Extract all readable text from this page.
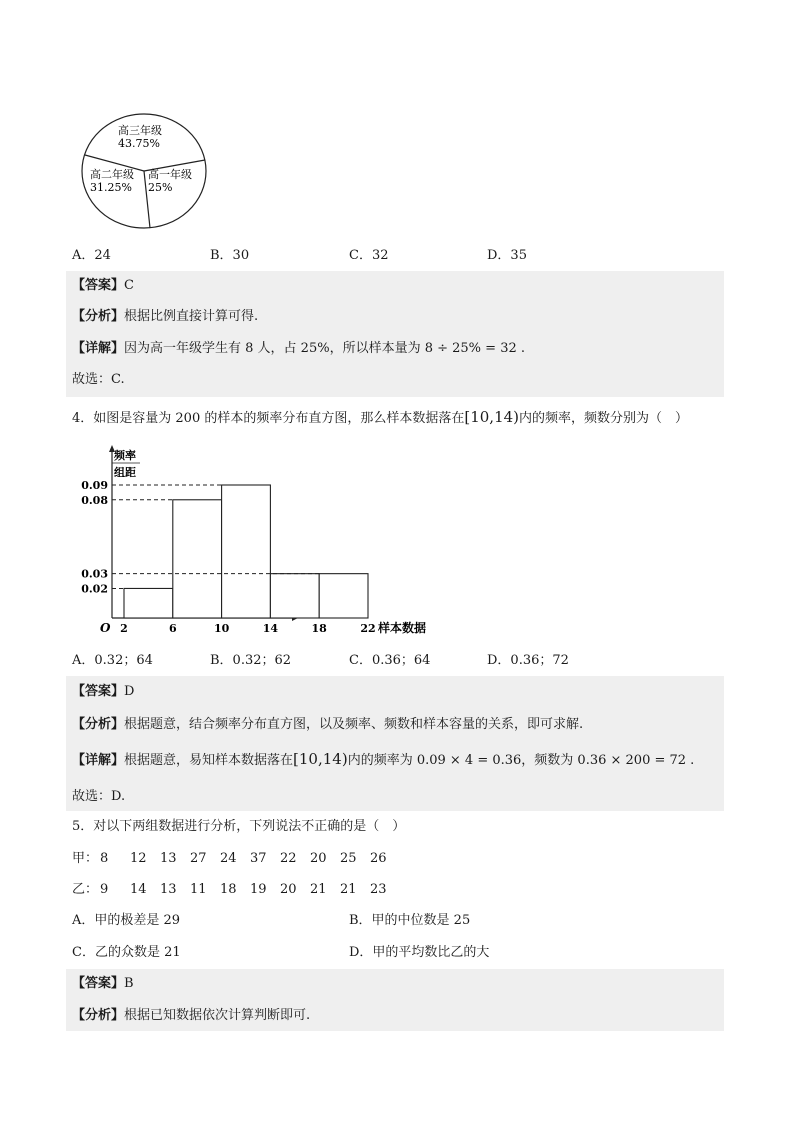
高三年级
43.75%
高二年级
31.25%
高一年级
25%
A．24	B．30	C．32	D．35
【答案】C
【分析】根据比例直接计算可得.
【详解】因为高一年级学生有 8 人，占 25%，所以样本量为 8 ÷ 25% = 32 .
故选：C.
4．如图是容量为 200 的样本的频率分布直方图，那么样本数据落在[10,14)内的频率，频数分别为（　）
频率
组距
0.09
0.08
0.03
0.02
O 2	6	10	14	18	22 样本数据
A．0.32；64	B．0.32；62	C．0.36；64	D．0.36；72
【答案】D
【分析】根据题意，结合频率分布直方图，以及频率、频数和样本容量的关系，即可求解.
【详解】根据题意，易知样本数据落在[10,14)内的频率为 0.09 × 4 = 0.36，频数为 0.36 × 200 = 72 .
故选：D.
5．对以下两组数据进行分析，下列说法不正确的是（　）
甲： 8 12 13 27 24 37 22 20 25 26
乙： 9 14 13 11 18 19 20 21 21 23
A．甲的极差是 29	B．甲的中位数是 25
C．乙的众数是 21	D．甲的平均数比乙的大
【答案】B
【分析】根据已知数据依次计算判断即可.
